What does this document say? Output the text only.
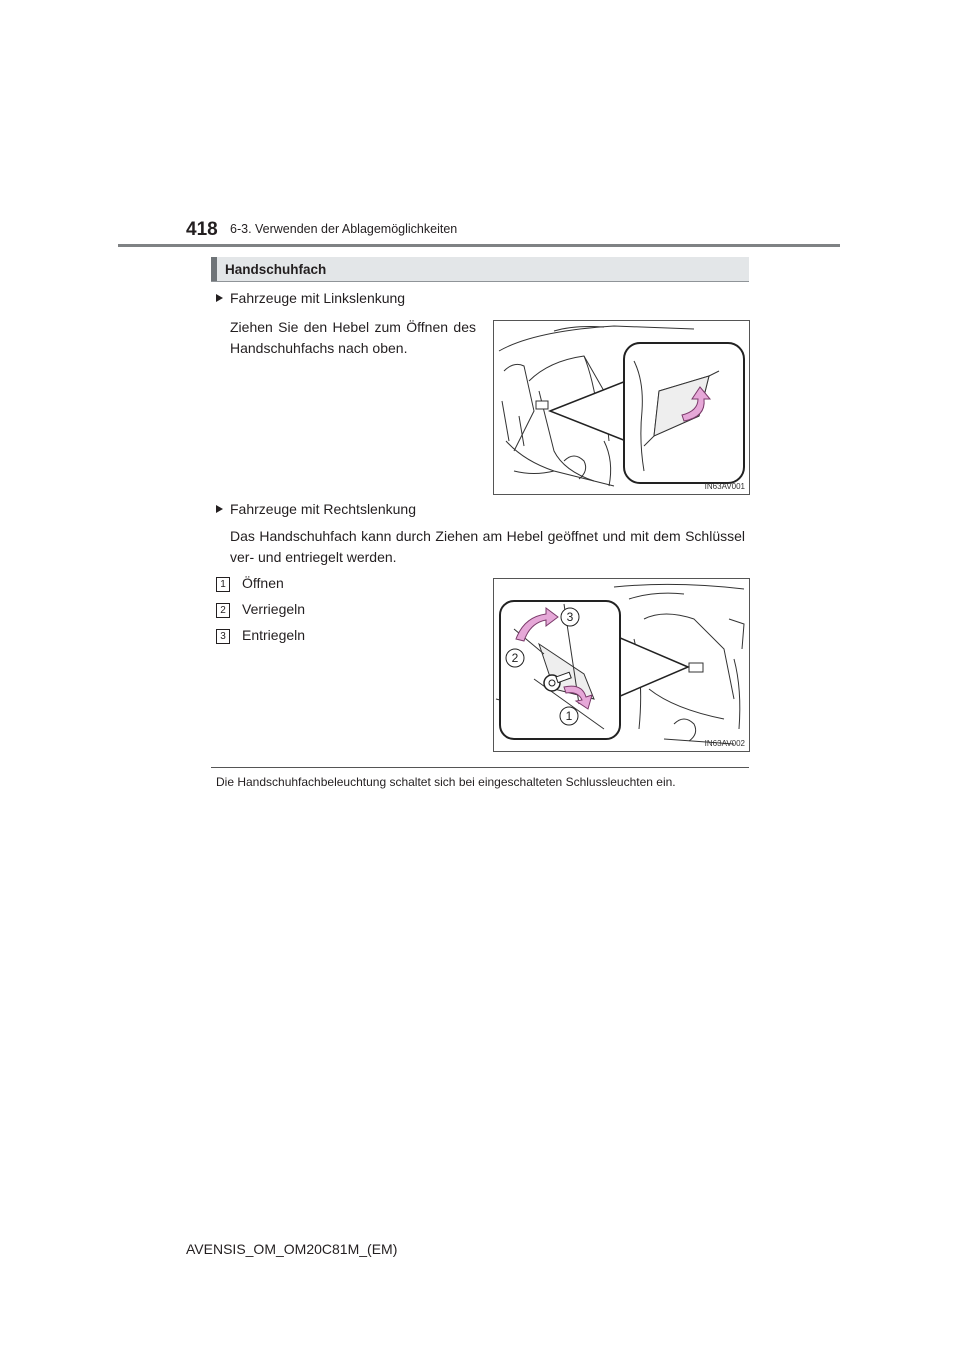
418 6-3. Verwenden der Ablagemöglichkeiten
Handschuhfach
Fahrzeuge mit Linkslenkung
Ziehen Sie den Hebel zum Öffnen des Handschuhfachs nach oben.
IN63AV001
Fahrzeuge mit Rechtslenkung
Das Handschuhfach kann durch Ziehen am Hebel geöffnet und mit dem Schlüssel ver- und entriegelt werden.
1 Öffnen
2 Verriegeln
3 Entriegeln
3
2
1
IN63AV002
Die Handschuhfachbeleuchtung schaltet sich bei eingeschalteten Schlussleuchten ein.
AVENSIS_OM_OM20C81M_(EM)
